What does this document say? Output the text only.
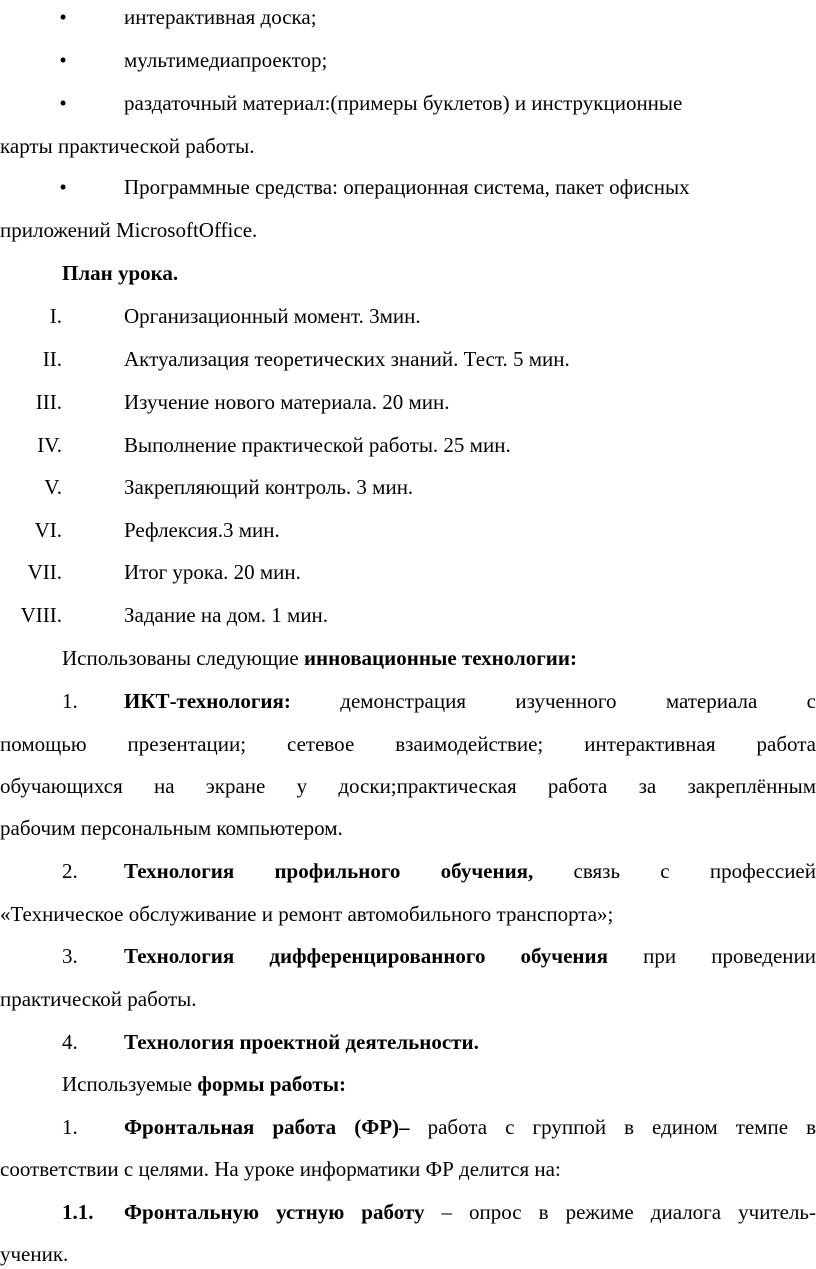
•	интерактивная доска;
•	мультимедиапроектор;
•	раздаточный материал:(примеры буклетов) и инструкционные
карты практической работы.
•	Программные средства: операционная система, пакет офисных
приложений MicrosoftOffice.
План урока.
I.	Организационный момент. 3мин.
II.	Актуализация теоретических знаний. Тест. 5 мин.
III.	Изучение нового материала. 20 мин.
IV.	Выполнение практической работы. 25 мин.
V.	Закрепляющий контроль. 3 мин.
VI.	Рефлексия.3 мин.
VII.	Итог урока. 20 мин.
VIII.	Задание на дом. 1 мин.
Использованы следующие инновационные технологии:
1. ИКТ-технология: демонстрация изученного материала с
помощью презентации; сетевое взаимодействие; интерактивная работа
обучающихся на экране у доски;практическая работа за закреплённым
рабочим персональным компьютером.
2. Технология профильного обучения, связь с профессией
«Техническое обслуживание и ремонт автомобильного транспорта»;
3. Технология дифференцированного обучения при проведении
практической работы.
4. Технология проектной деятельности.
Используемые формы работы:
1. Фронтальная работа (ФР)– работа с группой в едином темпе в
соответствии с целями. На уроке информатики ФР делится на:
1.1. Фронтальную устную работу – опрос в режиме диалога учитель-
ученик.
